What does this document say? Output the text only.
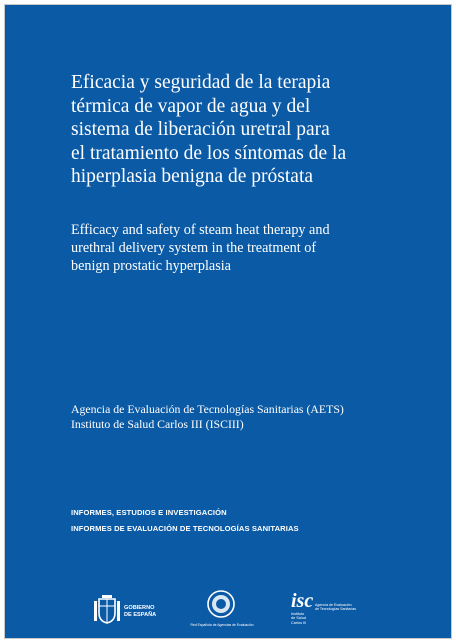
Eficacia y seguridad de la terapia
térmica de vapor de agua y del
sistema de liberación uretral para
el tratamiento de los síntomas de la
hiperplasia benigna de próstata
Efficacy and safety of steam heat therapy and
urethral delivery system in the treatment of
benign prostatic hyperplasia
Agencia de Evaluación de Tecnologías Sanitarias (AETS)
Instituto de Salud Carlos III (ISCIII)
INFORMES, ESTUDIOS E INVESTIGACIÓN
INFORMES DE EVALUACIÓN DE TECNOLOGÍAS SANITARIAS
GOBIERNO
DE ESPAÑA
Red Española de Agencias de Evaluación
isc
Instituto
de Salud
Carlos III
Agencia de Evaluación
de Tecnologías Sanitarias
